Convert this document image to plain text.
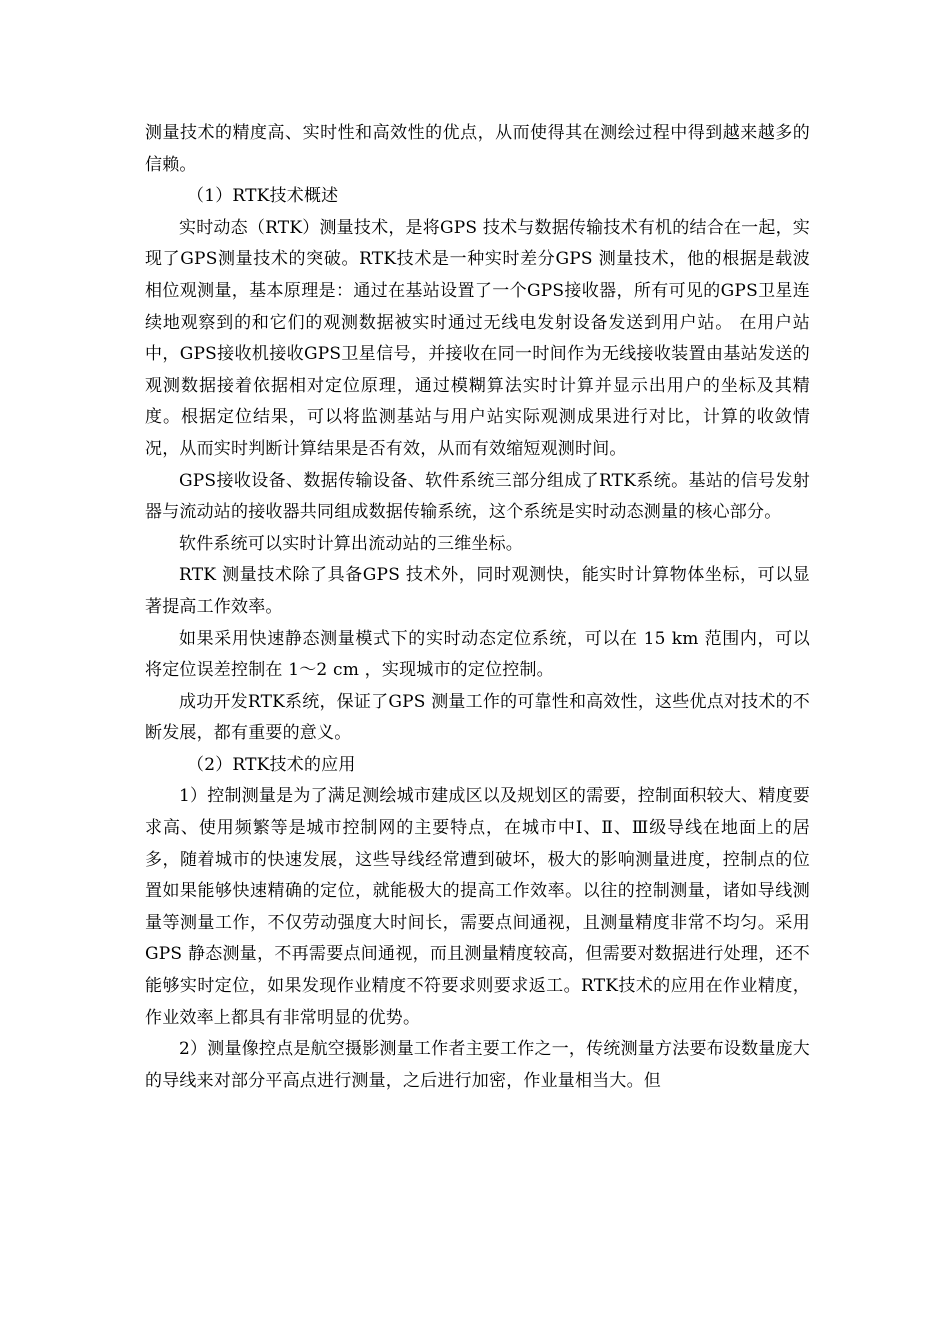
测量技术的精度高、实时性和高效性的优点，从而使得其在测绘过程中得到越来越多的信赖。

（1）RTK技术概述

实时动态（RTK）测量技术，是将GPS 技术与数据传输技术有机的结合在一起，实现了GPS测量技术的突破。RTK技术是一种实时差分GPS 测量技术，他的根据是载波相位观测量，基本原理是：通过在基站设置了一个GPS接收器，所有可见的GPS卫星连续地观察到的和它们的观测数据被实时通过无线电发射设备发送到用户站。 在用户站中，GPS接收机接收GPS卫星信号，并接收在同一时间作为无线接收装置由基站发送的观测数据接着依据相对定位原理，通过模糊算法实时计算并显示出用户的坐标及其精度。根据定位结果，可以将监测基站与用户站实际观测成果进行对比，计算的收敛情况，从而实时判断计算结果是否有效，从而有效缩短观测时间。

GPS接收设备、数据传输设备、软件系统三部分组成了RTK系统。基站的信号发射器与流动站的接收器共同组成数据传输系统，这个系统是实时动态测量的核心部分。

软件系统可以实时计算出流动站的三维坐标。

RTK 测量技术除了具备GPS 技术外，同时观测快，能实时计算物体坐标，可以显著提高工作效率。

如果采用快速静态测量模式下的实时动态定位系统，可以在 15 km 范围内，可以将定位误差控制在 1～2 cm ，实现城市的定位控制。

成功开发RTK系统，保证了GPS 测量工作的可靠性和高效性，这些优点对技术的不断发展，都有重要的意义。

（2）RTK技术的应用

1）控制测量是为了满足测绘城市建成区以及规划区的需要，控制面积较大、精度要求高、使用频繁等是城市控制网的主要特点，在城市中Ⅰ、Ⅱ、Ⅲ级导线在地面上的居多，随着城市的快速发展，这些导线经常遭到破坏，极大的影响测量进度，控制点的位置如果能够快速精确的定位，就能极大的提高工作效率。以往的控制测量，诸如导线测量等测量工作，不仅劳动强度大时间长，需要点间通视，且测量精度非常不均匀。采用GPS 静态测量，不再需要点间通视，而且测量精度较高，但需要对数据进行处理，还不能够实时定位，如果发现作业精度不符要求则要求返工。RTK技术的应用在作业精度，作业效率上都具有非常明显的优势。

2）测量像控点是航空摄影测量工作者主要工作之一，传统测量方法要布设数量庞大的导线来对部分平高点进行测量，之后进行加密，作业量相当大。但
